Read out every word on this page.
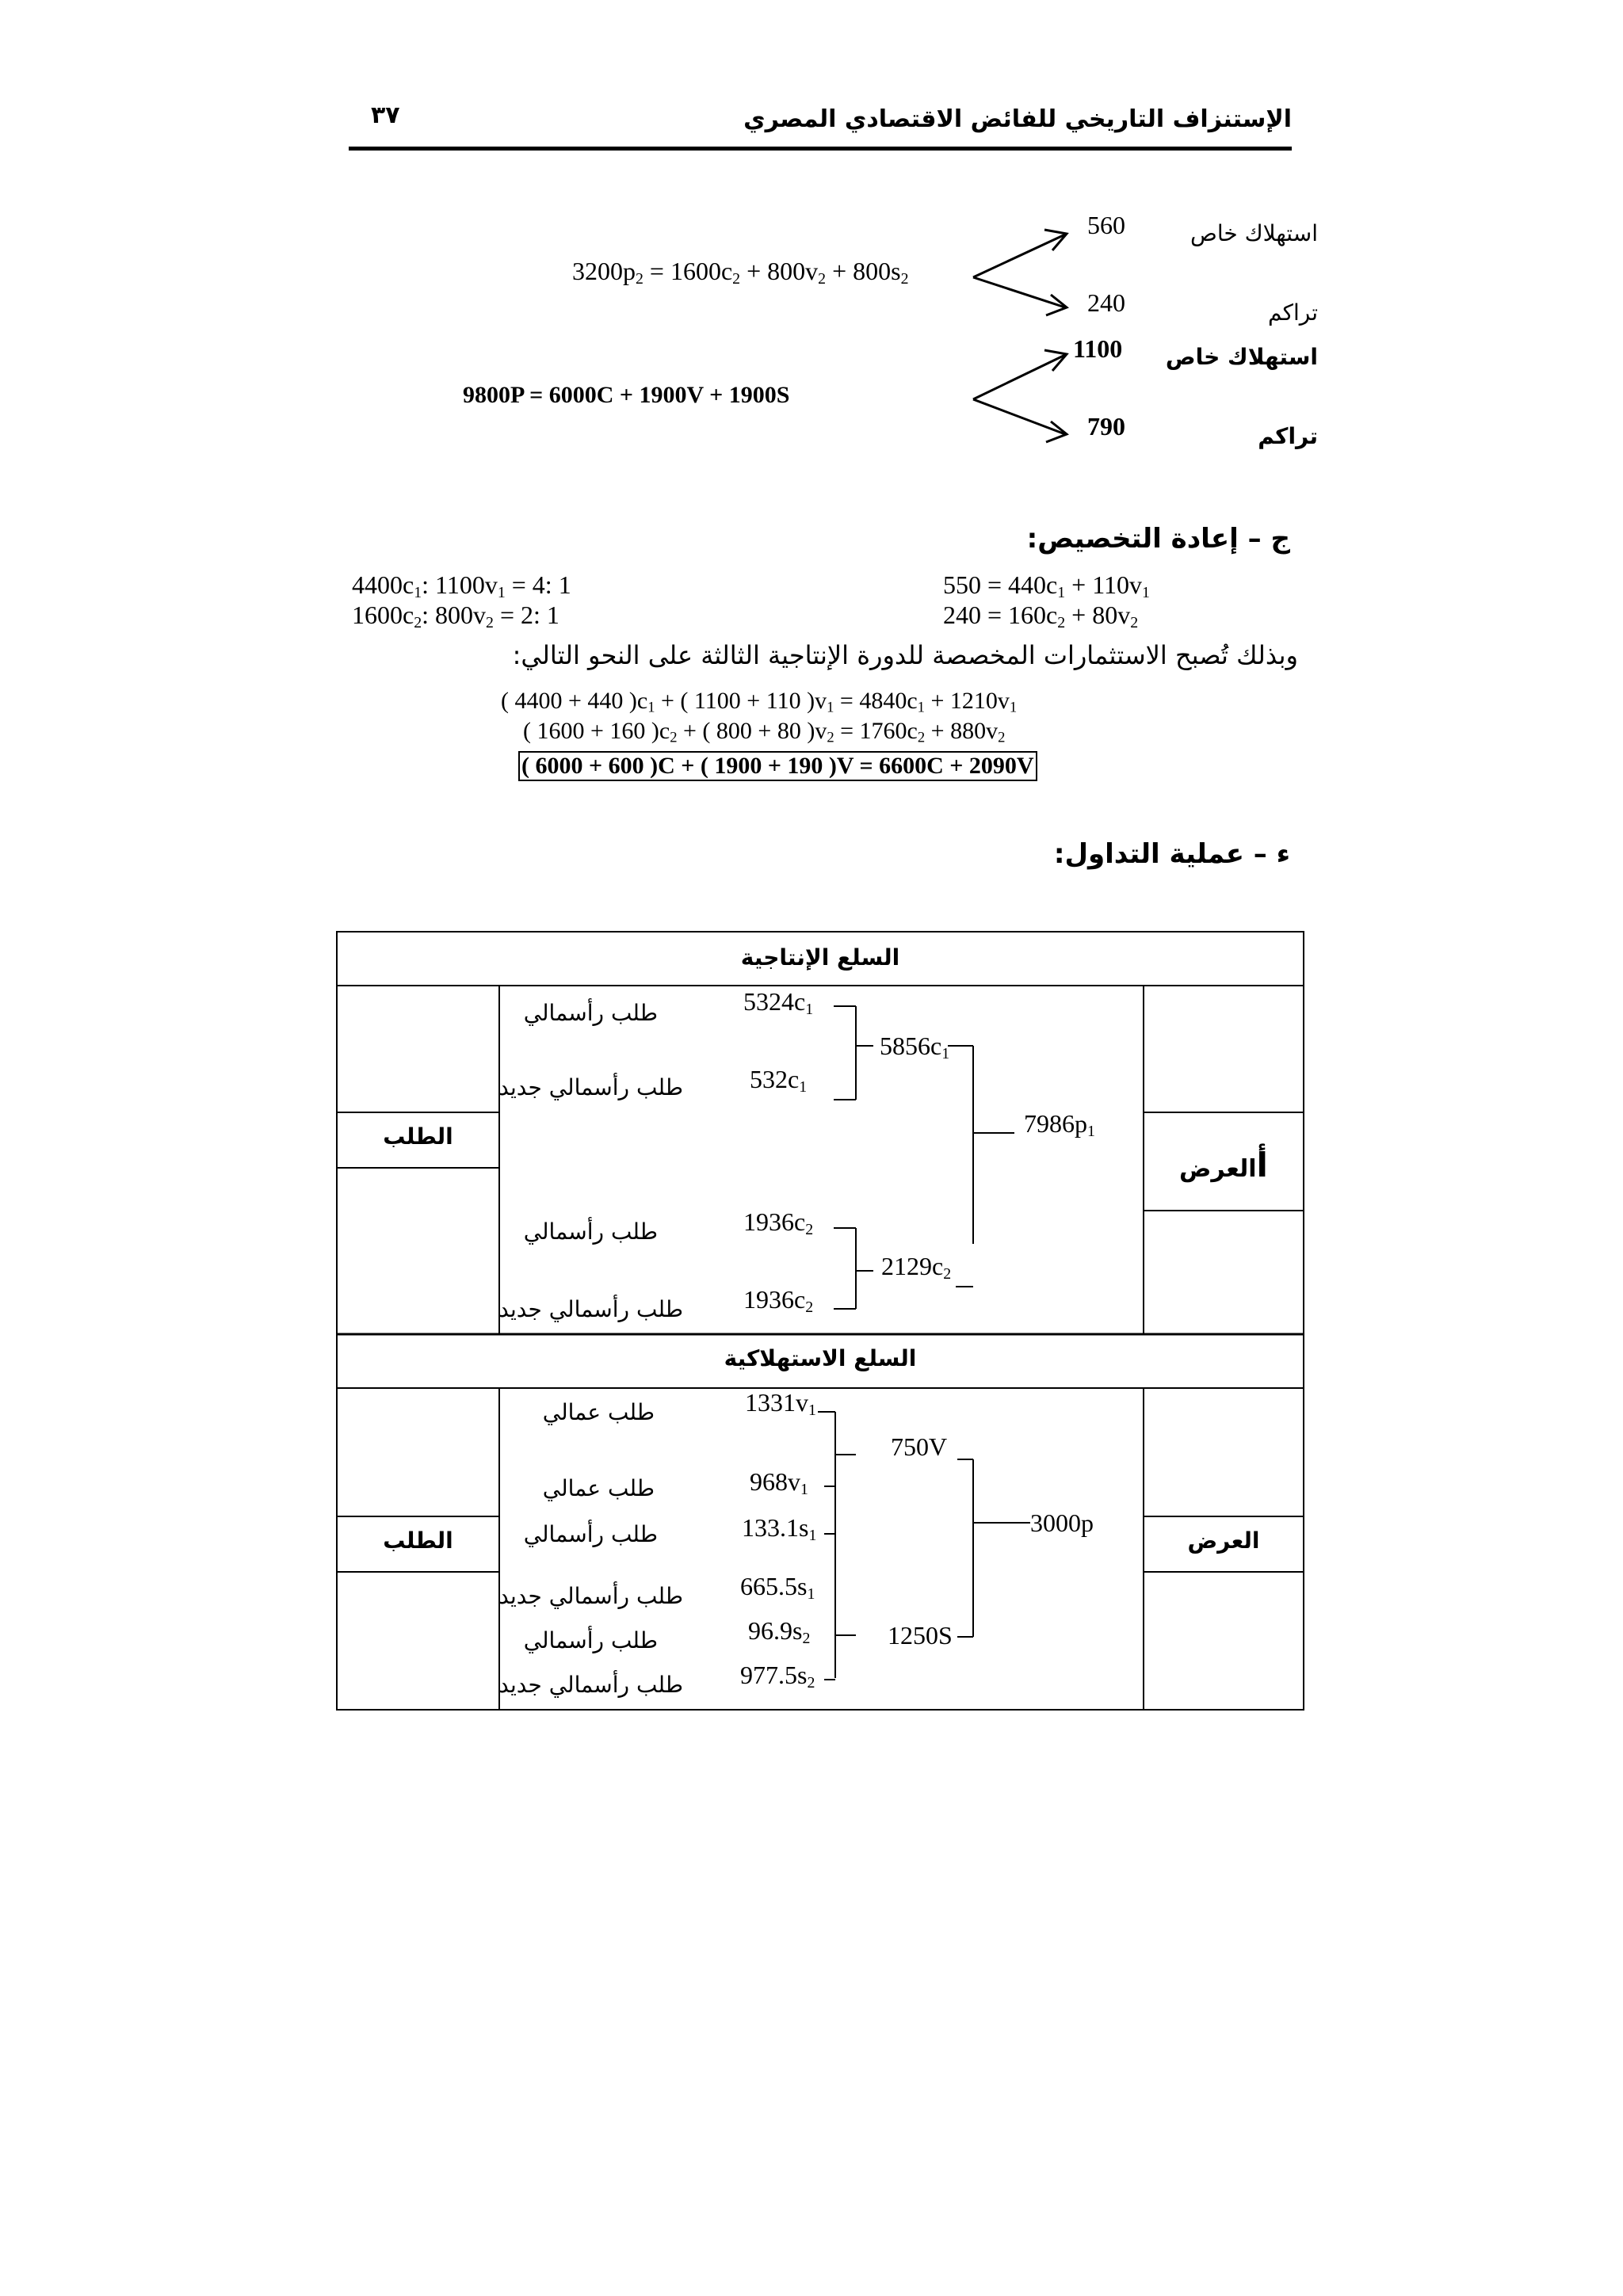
الإستنزاف التاريخي للفائض الاقتصادي المصري
٣٧
$3200p_2 = 1600c_2 + 800v_2 + 800s_2$
560	استهلاك خاص
240	تراكم
9800P = 6000C + 1900V + 1900S
1100 استهلاك خاص
790	تراكم
ج – إعادة التخصيص:
$4400c_1$: $1100v_1 = 4$: 1
$1600c_2$: $800v_2 = 2$: 1
$550 = 440c_1 + 110v_1$
$240 = 160c_2 + 80v_2$
وبذلك تُصبح الاستثمارات المخصصة للدورة الإنتاجية الثالثة على النحو التالي:
( 4400 + 440 )$c_1$ + ( 1100 + 110 )$v_1 = 4840c_1 + 1210v_1$
( 1600 + 160 )$c_2$ + ( 800 + 80 )$v_2 = 1760c_2 + 880v_2$
( 6000 + 600 )C + ( 1900 + 190 )V = 6600C + 2090V
ء – عملية التداول:
السلع الإنتاجية
الطلب
أالعرض
طلب رأسمالي	$5324c_1$
طلب رأسمالي جديد	$532c_1$
$5856c_1$
$7986p_1$
طلب رأسمالي	$1936c_2$
$2129c_2$
طلب رأسمالي جديد $1936c_2$
السلع الاستهلاكية
الطلب	العرض
طلب عمالي	$1331v_1$
750V
طلب عمالي	$968v_1$
طلب رأسمالي	$133.1s_1$	3000p
طلب رأسمالي جديد $665.5s_1$
طلب رأسمالي	$96.9s_2$	1250S
طلب رأسمالي جديد $977.5s_2$
